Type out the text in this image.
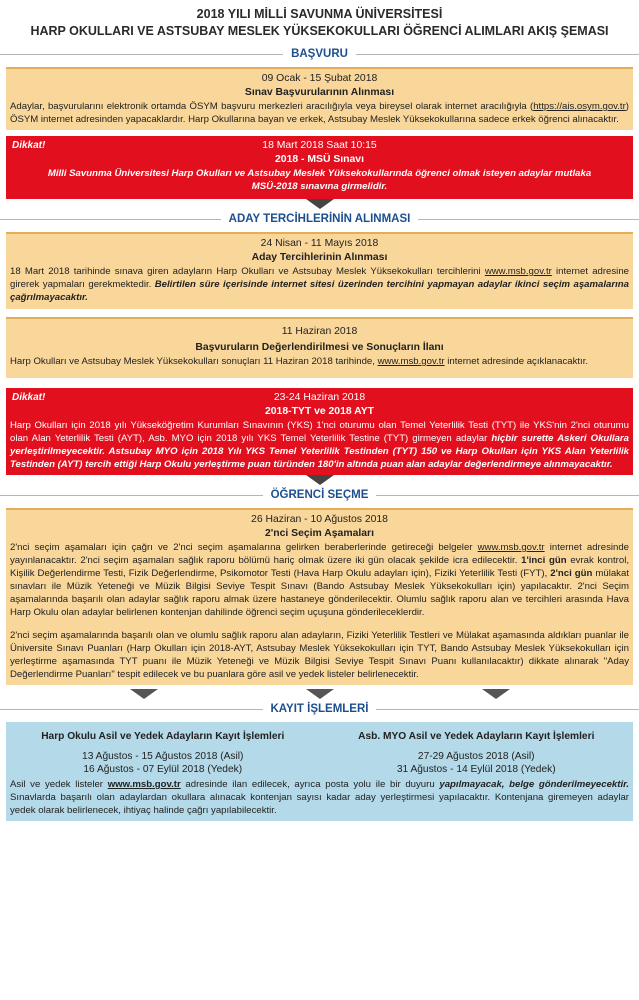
2018 YILI MİLLİ SAVUNMA ÜNİVERSİTESİ
HARP OKULLARI VE ASTSUBAY MESLEK YÜKSEKOKULLARI ÖĞRENCİ ALIMLARI AKIŞ ŞEMASI
BAŞVURU
09 Ocak - 15 Şubat 2018
Sınav Başvurularının Alınması
Adaylar, başvurularını elektronik ortamda ÖSYM başvuru merkezleri aracılığıyla veya bireysel olarak internet aracılığıyla (https://ais.osym.gov.tr) ÖSYM internet adresinden yapacaklardır. Harp Okullarına bayan ve erkek, Astsubay Meslek Yüksekokullarına sadece erkek öğrenci alınacaktır.
Dikkat!	18 Mart 2018 Saat 10:15
2018 - MSÜ Sınavı
Milli Savunma Üniversitesi Harp Okulları ve Astsubay Meslek Yüksekokullarında öğrenci olmak isteyen adaylar mutlaka MSÜ-2018 sınavına girmelidir.
ADAY TERCİHLERİNİN ALINMASI
24 Nisan - 11 Mayıs 2018
Aday Tercihlerinin Alınması
18 Mart 2018 tarihinde sınava giren adayların Harp Okulları ve Astsubay Meslek Yüksekokulları tercihlerini www.msb.gov.tr internet adresine girerek yapmaları gerekmektedir. Belirtilen süre içerisinde internet sitesi üzerinden tercihini yapmayan adaylar ikinci seçim aşamalarına çağrılmayacaktır.
11 Haziran 2018
Başvuruların Değerlendirilmesi ve Sonuçların İlanı
Harp Okulları ve Astsubay Meslek Yüksekokulları sonuçları 11 Haziran 2018 tarihinde, www.msb.gov.tr internet adresinde açıklanacaktır.
Dikkat!	23-24 Haziran 2018
2018-TYT ve 2018 AYT
Harp Okulları için 2018 yılı Yükseköğretim Kurumları Sınavının (YKS) 1'nci oturumu olan Temel Yeterlilik Testi (TYT) ile YKS'nin 2'nci oturumu olan Alan Yeterlilik Testi (AYT), Asb. MYO için 2018 yılı YKS Temel Yeterlilik Testine (TYT) girmeyen adaylar hiçbir surette Askeri Okullara yerleştirilmeyecektir. Astsubay MYO için 2018 Yılı YKS Temel Yeterlilik Testinden (TYT) 150 ve Harp Okulları için YKS Alan Yeterlilik Testinden (AYT) tercih ettiği Harp Okulu yerleştirme puan türünden 180'in altında puan alan adaylar değerlendirmeye alınmayacaktır.
ÖĞRENCİ SEÇME
26 Haziran - 10 Ağustos 2018
2'nci Seçim Aşamaları
2'nci seçim aşamaları için çağrı ve 2'nci seçim aşamalarına gelirken beraberlerinde getireceği belgeler www.msb.gov.tr internet adresinde yayınlanacaktır. 2'nci seçim aşamaları sağlık raporu bölümü hariç olmak üzere iki gün olacak şekilde icra edilecektir. 1'inci gün evrak kontrol, Kişilik Değerlendirme Testi, Fizik Değerlendirme, Psikomotor Testi (Hava Harp Okulu adayları için), Fiziki Yeterlilik Testi (FYT), 2'nci gün mülakat sınavları ile Müzik Yeteneği ve Müzik Bilgisi Seviye Tespit Sınavı (Bando Astsubay Meslek Yüksekokulları için) yapılacaktır. 2'nci Seçim aşamalarında başarılı olan adaylar sağlık raporu almak üzere hastaneye gönderilecektir. Olumlu sağlık raporu alan ve tercihleri arasında Hava Harp Okulu olan adaylar belirlenen kontenjan dahilinde öğrenci seçim uçuşuna gönderileceklerdir.
2'nci seçim aşamalarında başarılı olan ve olumlu sağlık raporu alan adayların, Fiziki Yeterlilik Testleri ve Mülakat aşamasında aldıkları puanlar ile Üniversite Sınavı Puanları (Harp Okulları için 2018-AYT, Astsubay Meslek Yüksekokulları için TYT, Bando Astsubay Meslek Yüksekokulları için yerleştirme aşamasında TYT puanı ile Müzik Yeteneği ve Müzik Bilgisi Seviye Tespit Sınavı Puanı kullanılacaktır) dikkate alınarak "Aday Değerlendirme Puanları" tespit edilecek ve bu puanlara göre asil ve yedek listeler belirlenecektir.
KAYIT İŞLEMLERİ
Harp Okulu Asil ve Yedek Adayların Kayıt İşlemleri
13 Ağustos - 15 Ağustos 2018 (Asil)
16 Ağustos - 07 Eylül 2018 (Yedek)
Asb. MYO Asil ve Yedek Adayların Kayıt İşlemleri
27-29 Ağustos 2018 (Asil)
31 Ağustos - 14 Eylül 2018 (Yedek)
Asil ve yedek listeler www.msb.gov.tr adresinde ilan edilecek, ayrıca posta yolu ile bir duyuru yapılmayacak, belge gönderilmeyecektir. Sınavlarda başarılı olan adaylardan okullara alınacak kontenjan sayısı kadar aday yerleştirmesi yapılacaktır. Kontenjana giremeyen adaylar yedek olarak belirlenecek, ihtiyaç halinde çağrı yapılabilecektir.
